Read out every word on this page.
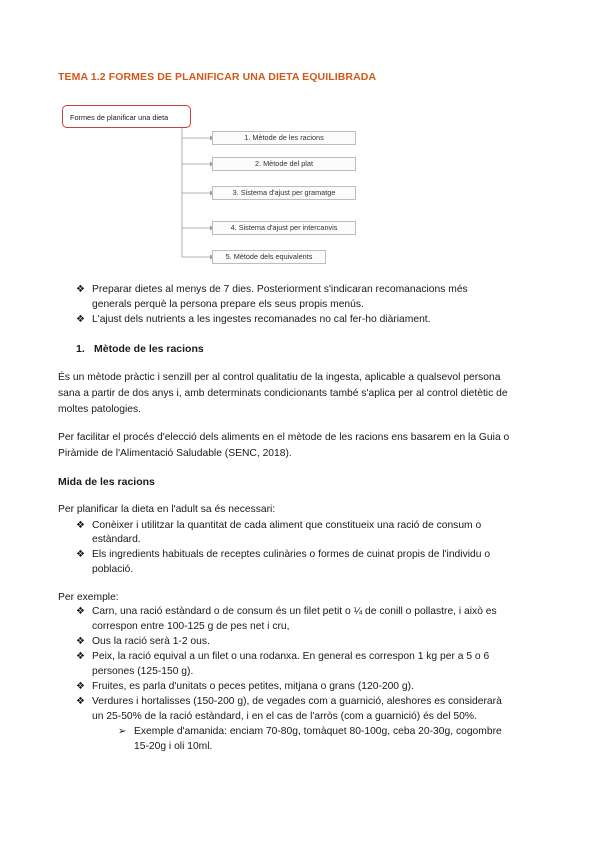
TEMA 1.2 FORMES DE PLANIFICAR UNA DIETA EQUILIBRADA
Formes de planificar una dieta
1. Mètode de les racions
2. Mètode del plat
3. Sistema d'ajust per gramatge
4. Sistema d'ajust per intercanvis
5. Mètode dels equivalents
❖ Preparar dietes al menys de 7 dies. Posteriorment s'indicaran recomanacions més
generals perquè la persona prepare els seus propis menús.
❖ L'ajust dels nutrients a les ingestes recomanades no cal fer-ho diàriament.
1. Mètode de les racions
És un mètode pràctic i senzill per al control qualitatiu de la ingesta, aplicable a qualsevol persona
sana a partir de dos anys i, amb determinats condicionants també s'aplica per al control dietètic de
moltes patologies.
Per facilitar el procés d'elecció dels aliments en el mètode de les racions ens basarem en la Guia o
Piràmide de l'Alimentació Saludable (SENC, 2018).
Mida de les racions
Per planificar la dieta en l'adult sa és necessari:
❖ Conèixer i utilitzar la quantitat de cada aliment que constitueix una ració de consum o
estàndard.
❖ Els ingredients habituals de receptes culinàries o formes de cuinat propis de l'individu o
població.
Per exemple:
❖ Carn, una ració estàndard o de consum és un filet petit o ¼ de conill o pollastre, i això es
correspon entre 100-125 g de pes net i cru,
❖ Ous la ració serà 1-2 ous.
❖ Peix, la ració equival a un filet o una rodanxa. En general es correspon 1 kg per a 5 o 6
persones (125-150 g).
❖ Fruites, es parla d'unitats o peces petites, mitjana o grans (120-200 g).
❖ Verdures i hortalisses (150-200 g), de vegades com a guarnició, aleshores es considerarà
un 25-50% de la ració estàndard, i en el cas de l'arròs (com a guarnició) és del 50%.
➢ Exemple d'amanida: enciam 70-80g, tomàquet 80-100g, ceba 20-30g, cogombre
15-20g i oli 10ml.
